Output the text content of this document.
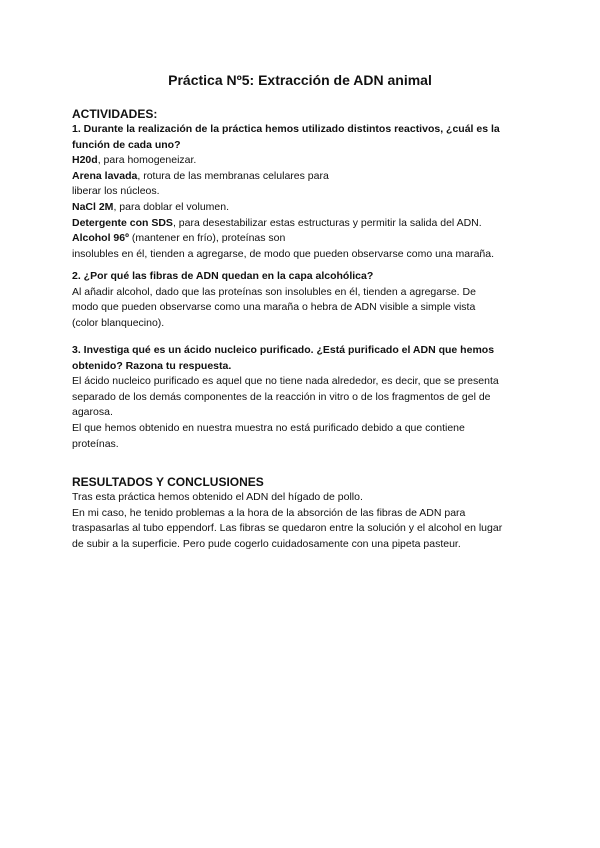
Práctica Nº5: Extracción de ADN animal
ACTIVIDADES:
1. Durante la realización de la práctica hemos utilizado distintos reactivos, ¿cuál es la
función de cada uno?
H20d, para homogeneizar.
Arena lavada, rotura de las membranas celulares para
liberar los núcleos.
NaCl 2M, para doblar el volumen.
Detergente con SDS, para desestabilizar estas estructuras y permitir la salida del ADN.
Alcohol 96º (mantener en frío), proteínas son
insolubles en él, tienden a agregarse, de modo que pueden observarse como una maraña.
2. ¿Por qué las fibras de ADN quedan en la capa alcohólica?
Al añadir alcohol, dado que las proteínas son insolubles en él, tienden a agregarse. De
modo que pueden observarse como una maraña o hebra de ADN visible a simple vista
(color blanquecino).
3. Investiga qué es un ácido nucleico purificado. ¿Está purificado el ADN que hemos
obtenido? Razona tu respuesta.
El ácido nucleico purificado es aquel que no tiene nada alrededor, es decir, que se presenta
separado de los demás componentes de la reacción in vitro o de los fragmentos de gel de
agarosa.
El que hemos obtenido en nuestra muestra no está purificado debido a que contiene
proteínas.
RESULTADOS Y CONCLUSIONES
Tras esta práctica hemos obtenido el ADN del hígado de pollo.
En mi caso, he tenido problemas a la hora de la absorción de las fibras de ADN para
traspasarlas al tubo eppendorf. Las fibras se quedaron entre la solución y el alcohol en lugar
de subir a la superficie. Pero pude cogerlo cuidadosamente con una pipeta pasteur.
